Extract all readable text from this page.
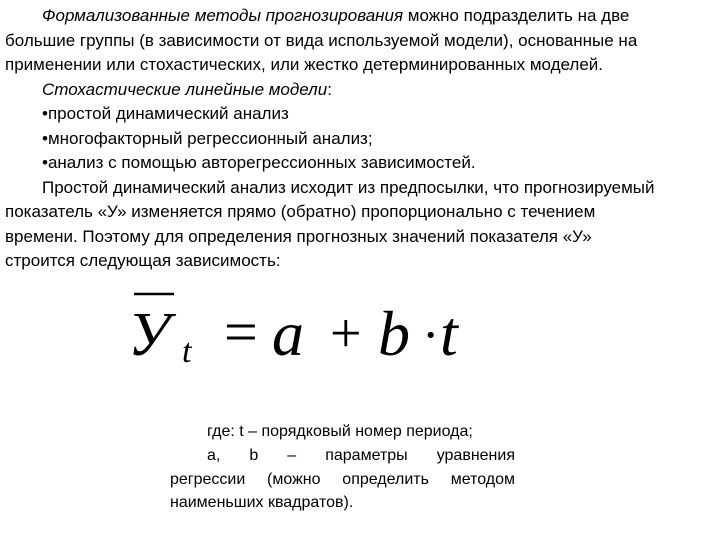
Формализованные методы прогнозирования можно подразделить на две

большие группы (в зависимости от вида используемой модели), основанные на

применении или стохастических, или жестко детерминированных моделей.

Стохастические линейные модели:

•простой динамический анализ

•многофакторный регрессионный анализ;

•анализ с помощью авторегрессионных зависимостей.

Простой динамический анализ исходит из предпосылки, что прогнозируемый

показатель «У» изменяется прямо (обратно) пропорционально с течением

времени. Поэтому для определения прогнозных значений показателя «У»

строится следующая зависимость:

У t = a + b · t

где: t – порядковый номер периода;

a, b – параметры уравнения

регрессии (можно определить методом

наименьших квадратов).
